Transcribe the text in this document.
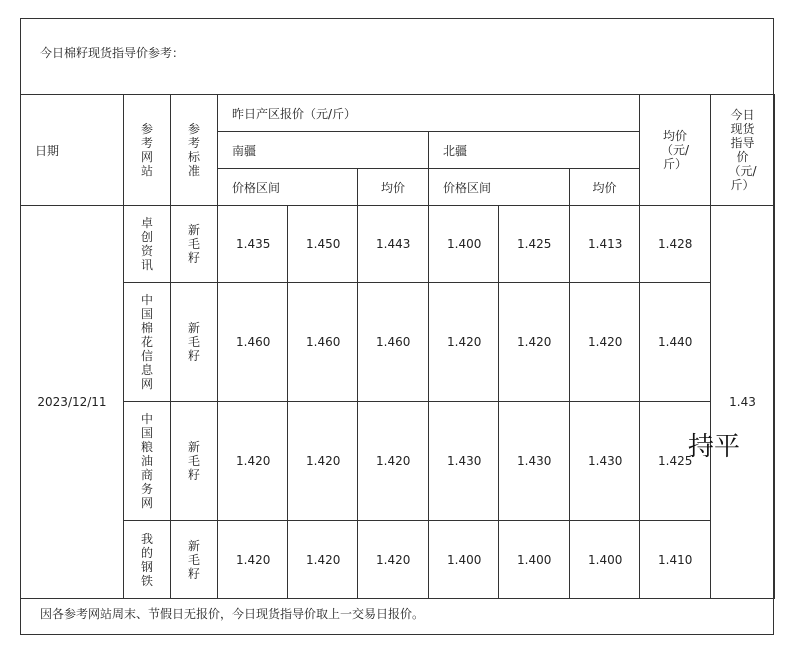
今日棉籽现货指导价参考：
日期	参考网站	参考标准	昨日产区报价（元/斤）						均价（元/斤）	今日现货指导价（元/斤）

			南疆			北疆				
			价格区间		均价	价格区间		均价		
2023/12/11	卓创资讯	新毛籽	1.435	1.450	1.443	1.400	1.425	1.413	1.428	1.43

	中国棉花信息网	新毛籽	1.460	1.460	1.460	1.420	1.420	1.420	1.440	

	中国粮油商务网	新毛籽	1.420	1.420	1.420	1.430	1.430	1.430	1.425	

	我的钢铁	新毛籽	1.420	1.420	1.420	1.400	1.400	1.400	1.410	
因各参考网站周末、节假日无报价，今日现货指导价取上一交易日报价。
持平
